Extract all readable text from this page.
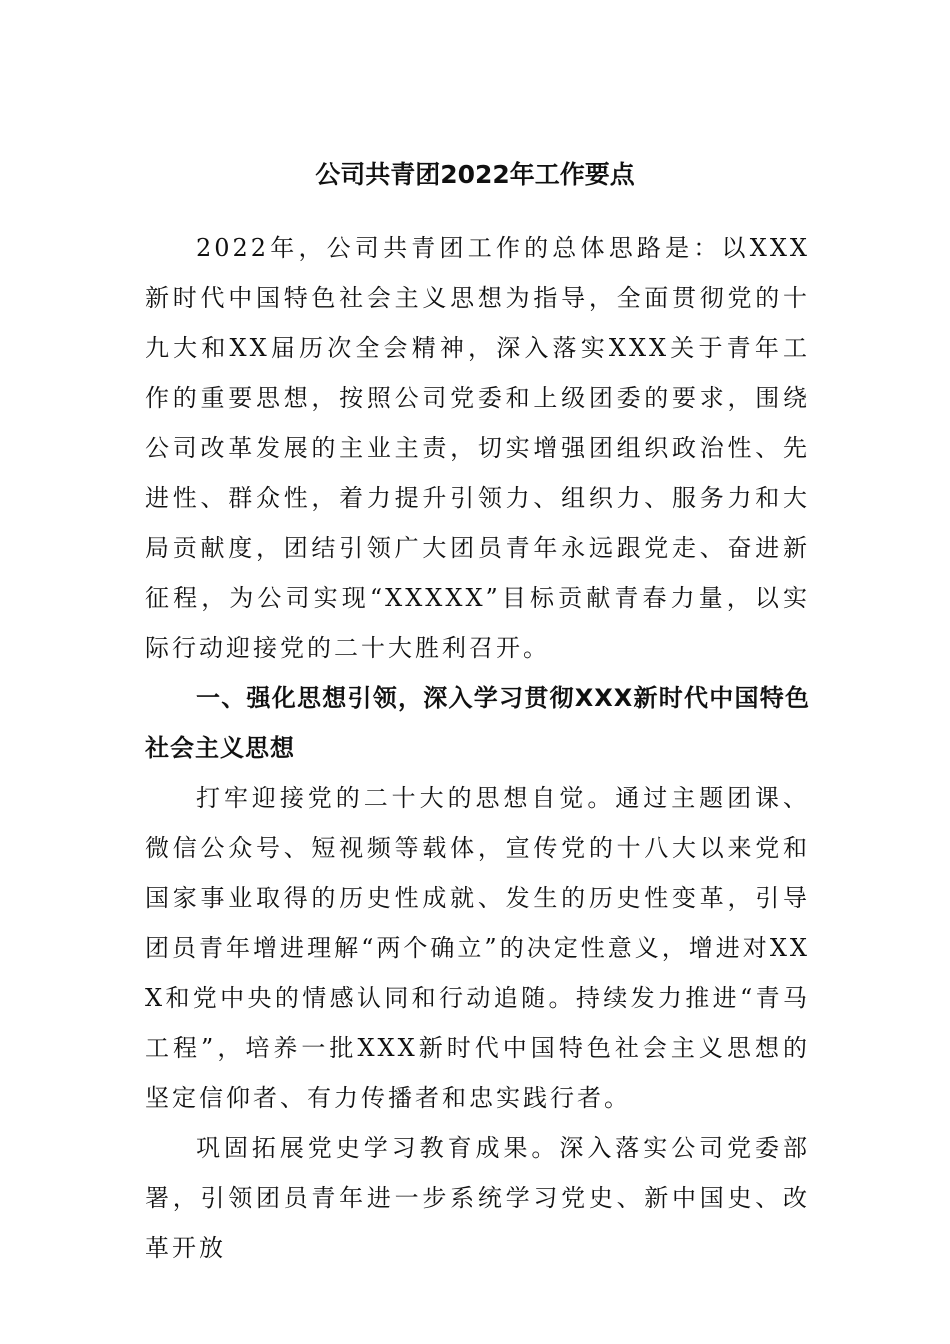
公司共青团2022年工作要点

2022年，公司共青团工作的总体思路是：以XXX新时代中国特色社会主义思想为指导，全面贯彻党的十九大和XX届历次全会精神，深入落实XXX关于青年工作的重要思想，按照公司党委和上级团委的要求，围绕公司改革发展的主业主责，切实增强团组织政治性、先进性、群众性，着力提升引领力、组织力、服务力和大局贡献度，团结引领广大团员青年永远跟党走、奋进新征程，为公司实现“XXXXX”目标贡献青春力量，以实际行动迎接党的二十大胜利召开。

一、强化思想引领，深入学习贯彻XXX新时代中国特色社会主义思想

打牢迎接党的二十大的思想自觉。通过主题团课、微信公众号、短视频等载体，宣传党的十八大以来党和国家事业取得的历史性成就、发生的历史性变革，引导团员青年增进理解“两个确立”的决定性意义，增进对XXX和党中央的情感认同和行动追随。持续发力推进“青马工程”，培养一批XXX新时代中国特色社会主义思想的坚定信仰者、有力传播者和忠实践行者。

巩固拓展党史学习教育成果。深入落实公司党委部署，引领团员青年进一步系统学习党史、新中国史、改革开放
